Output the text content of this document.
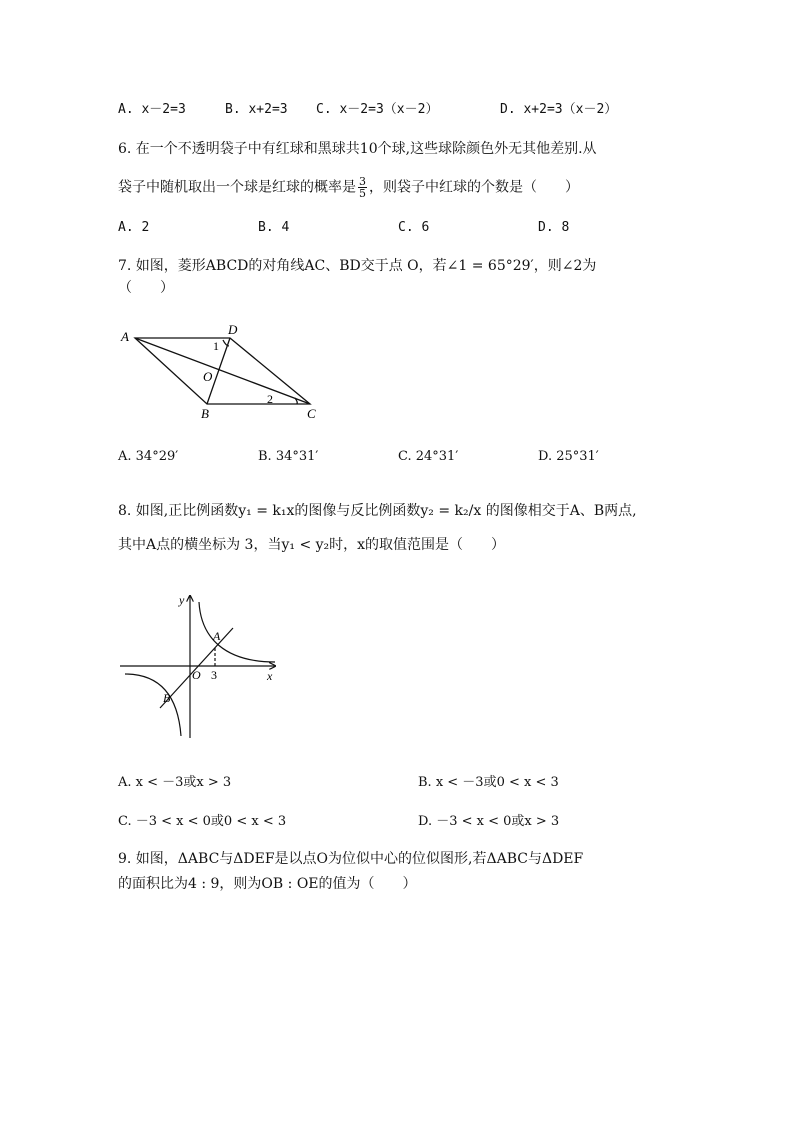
A. x－2=3	B. x+2=3 C. x－2=3（x－2）	D. x+2=3（x－2）
6. 在一个不透明袋子中有红球和黑球共10个球,这些球除颜色外无其他差别.从
袋子中随机取出一个球是红球的概率是 $\frac{3}{5}$ ，则袋子中红球的个数是（　　）
A. 2	B. 4	C. 6	D. 8
7. 如图，菱形ABCD的对角线AC、BD交于点 O，若∠1 = 65°29′，则∠2为
（　　）
A	D
1
O
B
2
C
A. 34°29′	B. 34°31′	C. 24°31′	D. 25°31′
8. 如图,正比例函数y₁ = k₁x的图像与反比例函数y₂ = k₂/x 的图像相交于A、B两点,
其中A点的横坐标为 3，当y₁ < y₂时，x的取值范围是（　　）
y
x
A
B
O 3
A. x < －3或x > 3	B. x < －3或0 < x < 3
C. －3 < x < 0或0 < x < 3	D. －3 < x < 0或x > 3
9. 如图，ΔABC与ΔDEF是以点O为位似中心的位似图形,若ΔABC与ΔDEF
的面积比为4 : 9，则为OB : OE的值为（　　）
